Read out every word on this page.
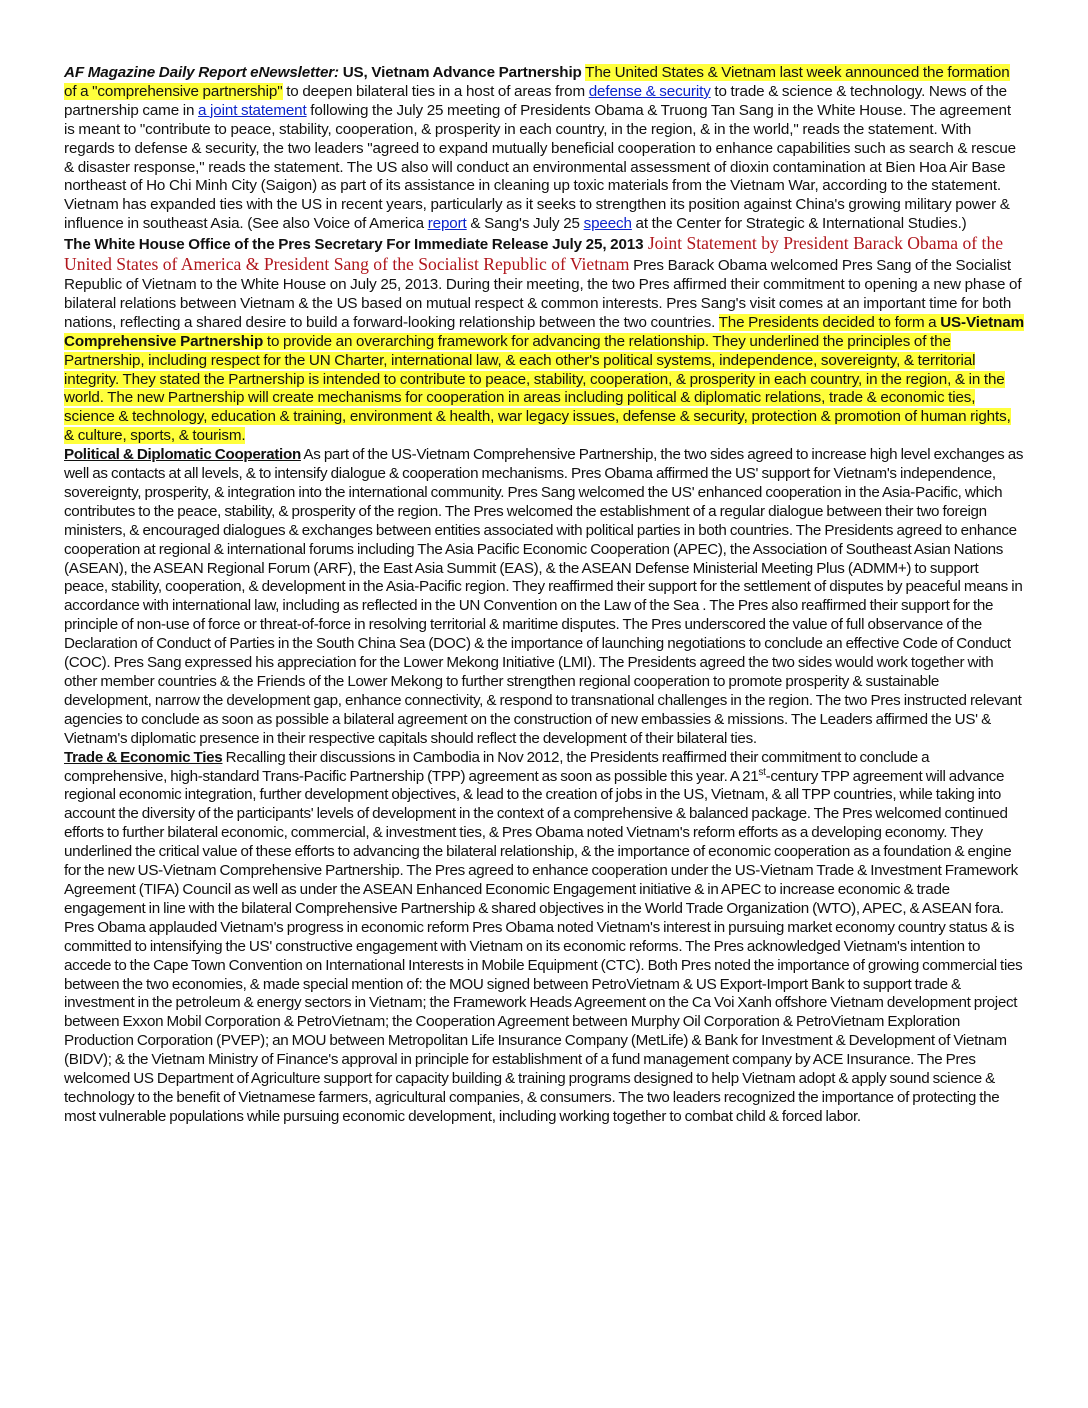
AF Magazine Daily Report eNewsletter: US, Vietnam Advance Partnership The United States & Vietnam last week announced the formation of a "comprehensive partnership" to deepen bilateral ties in a host of areas from defense & security to trade & science & technology. News of the partnership came in a joint statement following the July 25 meeting of Presidents Obama & Truong Tan Sang in the White House. The agreement is meant to "contribute to peace, stability, cooperation, & prosperity in each country, in the region, & in the world," reads the statement. With regards to defense & security, the two leaders "agreed to expand mutually beneficial cooperation to enhance capabilities such as search & rescue & disaster response," reads the statement. The US also will conduct an environmental assessment of dioxin contamination at Bien Hoa Air Base northeast of Ho Chi Minh City (Saigon) as part of its assistance in cleaning up toxic materials from the Vietnam War, according to the statement. Vietnam has expanded ties with the US in recent years, particularly as it seeks to strengthen its position against China's growing military power & influence in southeast Asia. (See also Voice of America report & Sang's July 25 speech at the Center for Strategic & International Studies.)

The White House Office of the Pres Secretary For Immediate Release July 25, 2013 Joint Statement by President Barack Obama of the United States of America & President Sang of the Socialist Republic of Vietnam Pres Barack Obama welcomed Pres Sang of the Socialist Republic of Vietnam to the White House on July 25, 2013. During their meeting, the two Pres affirmed their commitment to opening a new phase of bilateral relations between Vietnam & the US based on mutual respect & common interests. Pres Sang's visit comes at an important time for both nations, reflecting a shared desire to build a forward-looking relationship between the two countries. The Presidents decided to form a US-Vietnam Comprehensive Partnership to provide an overarching framework for advancing the relationship. They underlined the principles of the Partnership, including respect for the UN Charter, international law, & each other's political systems, independence, sovereignty, & territorial integrity. They stated the Partnership is intended to contribute to peace, stability, cooperation, & prosperity in each country, in the region, & in the world. The new Partnership will create mechanisms for cooperation in areas including political & diplomatic relations, trade & economic ties, science & technology, education & training, environment & health, war legacy issues, defense & security, protection & promotion of human rights, & culture, sports, & tourism.

Political & Diplomatic Cooperation As part of the US-Vietnam Comprehensive Partnership, the two sides agreed to increase high level exchanges as well as contacts at all levels, & to intensify dialogue & cooperation mechanisms. Pres Obama affirmed the US' support for Vietnam's independence, sovereignty, prosperity, & integration into the international community. Pres Sang welcomed the US' enhanced cooperation in the Asia-Pacific, which contributes to the peace, stability, & prosperity of the region. The Pres welcomed the establishment of a regular dialogue between their two foreign ministers, & encouraged dialogues & exchanges between entities associated with political parties in both countries. The Presidents agreed to enhance cooperation at regional & international forums including The Asia Pacific Economic Cooperation (APEC), the Association of Southeast Asian Nations (ASEAN), the ASEAN Regional Forum (ARF), the East Asia Summit (EAS), & the ASEAN Defense Ministerial Meeting Plus (ADMM+) to support peace, stability, cooperation, & development in the Asia-Pacific region. They reaffirmed their support for the settlement of disputes by peaceful means in accordance with international law, including as reflected in the UN Convention on the Law of the Sea . The Pres also reaffirmed their support for the principle of non-use of force or threat-of-force in resolving territorial & maritime disputes. The Pres underscored the value of full observance of the Declaration of Conduct of Parties in the South China Sea (DOC) & the importance of launching negotiations to conclude an effective Code of Conduct (COC). Pres Sang expressed his appreciation for the Lower Mekong Initiative (LMI). The Presidents agreed the two sides would work together with other member countries & the Friends of the Lower Mekong to further strengthen regional cooperation to promote prosperity & sustainable development, narrow the development gap, enhance connectivity, & respond to transnational challenges in the region. The two Pres instructed relevant agencies to conclude as soon as possible a bilateral agreement on the construction of new embassies & missions. The Leaders affirmed the US' & Vietnam's diplomatic presence in their respective capitals should reflect the development of their bilateral ties.

Trade & Economic Ties Recalling their discussions in Cambodia in Nov 2012, the Presidents reaffirmed their commitment to conclude a comprehensive, high-standard Trans-Pacific Partnership (TPP) agreement as soon as possible this year. A 21st-century TPP agreement will advance regional economic integration, further development objectives, & lead to the creation of jobs in the US, Vietnam, & all TPP countries, while taking into account the diversity of the participants' levels of development in the context of a comprehensive & balanced package. The Pres welcomed continued efforts to further bilateral economic, commercial, & investment ties, & Pres Obama noted Vietnam's reform efforts as a developing economy. They underlined the critical value of these efforts to advancing the bilateral relationship, & the importance of economic cooperation as a foundation & engine for the new US-Vietnam Comprehensive Partnership. The Pres agreed to enhance cooperation under the US-Vietnam Trade & Investment Framework Agreement (TIFA) Council as well as under the ASEAN Enhanced Economic Engagement initiative & in APEC to increase economic & trade engagement in line with the bilateral Comprehensive Partnership & shared objectives in the World Trade Organization (WTO), APEC, & ASEAN fora. Pres Obama applauded Vietnam's progress in economic reform Pres Obama noted Vietnam's interest in pursuing market economy country status & is committed to intensifying the US' constructive engagement with Vietnam on its economic reforms. The Pres acknowledged Vietnam's intention to accede to the Cape Town Convention on International Interests in Mobile Equipment (CTC). Both Pres noted the importance of growing commercial ties between the two economies, & made special mention of: the MOU signed between PetroVietnam & US Export-Import Bank to support trade & investment in the petroleum & energy sectors in Vietnam; the Framework Heads Agreement on the Ca Voi Xanh offshore Vietnam development project between Exxon Mobil Corporation & PetroVietnam; the Cooperation Agreement between Murphy Oil Corporation & PetroVietnam Exploration Production Corporation (PVEP); an MOU between Metropolitan Life Insurance Company (MetLife) & Bank for Investment & Development of Vietnam (BIDV); & the Vietnam Ministry of Finance's approval in principle for establishment of a fund management company by ACE Insurance. The Pres welcomed US Department of Agriculture support for capacity building & training programs designed to help Vietnam adopt & apply sound science & technology to the benefit of Vietnamese farmers, agricultural companies, & consumers. The two leaders recognized the importance of protecting the most vulnerable populations while pursuing economic development, including working together to combat child & forced labor.
